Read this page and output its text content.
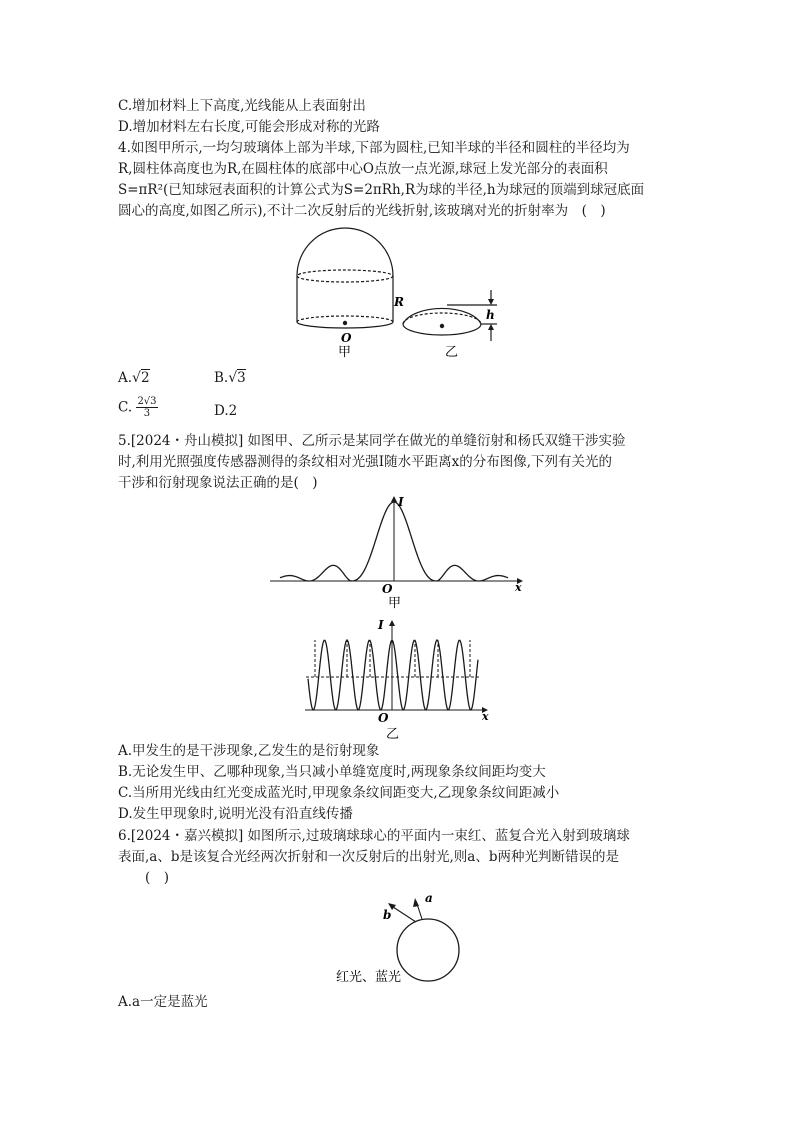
C.增加材料上下高度,光线能从上表面射出
D.增加材料左右长度,可能会形成对称的光路
4.如图甲所示,一均匀玻璃体上部为半球,下部为圆柱,已知半球的半径和圆柱的半径均为
R,圆柱体高度也为R,在圆柱体的底部中心O点放一点光源,球冠上发光部分的表面积
S=πR²(已知球冠表面积的计算公式为S=2πRh,R为球的半径,h为球冠的顶端到球冠底面
圆心的高度,如图乙所示),不计二次反射后的光线折射,该玻璃对光的折射率为　(　)
R
O
甲
h
乙
A.√2	B.√3
C. $\frac{2√3}{3}$	D.2
5.[2024・舟山模拟] 如图甲、乙所示是某同学在做光的单缝衍射和杨氏双缝干涉实验
时,利用光照强度传感器测得的条纹相对光强I随水平距离x的分布图像,下列有关光的
干涉和衍射现象说法正确的是(　)
I
x
O
甲
I
x
O
乙
A.甲发生的是干涉现象,乙发生的是衍射现象
B.无论发生甲、乙哪种现象,当只减小单缝宽度时,两现象条纹间距均变大
C.当所用光线由红光变成蓝光时,甲现象条纹间距变大,乙现象条纹间距减小
D.发生甲现象时,说明光没有沿直线传播
6.[2024・嘉兴模拟] 如图所示,过玻璃球球心的平面内一束红、蓝复合光入射到玻璃球
表面,a、b是该复合光经两次折射和一次反射后的出射光,则a、b两种光判断错误的是
　　(　)
a
b
红光、蓝光
A.a一定是蓝光
